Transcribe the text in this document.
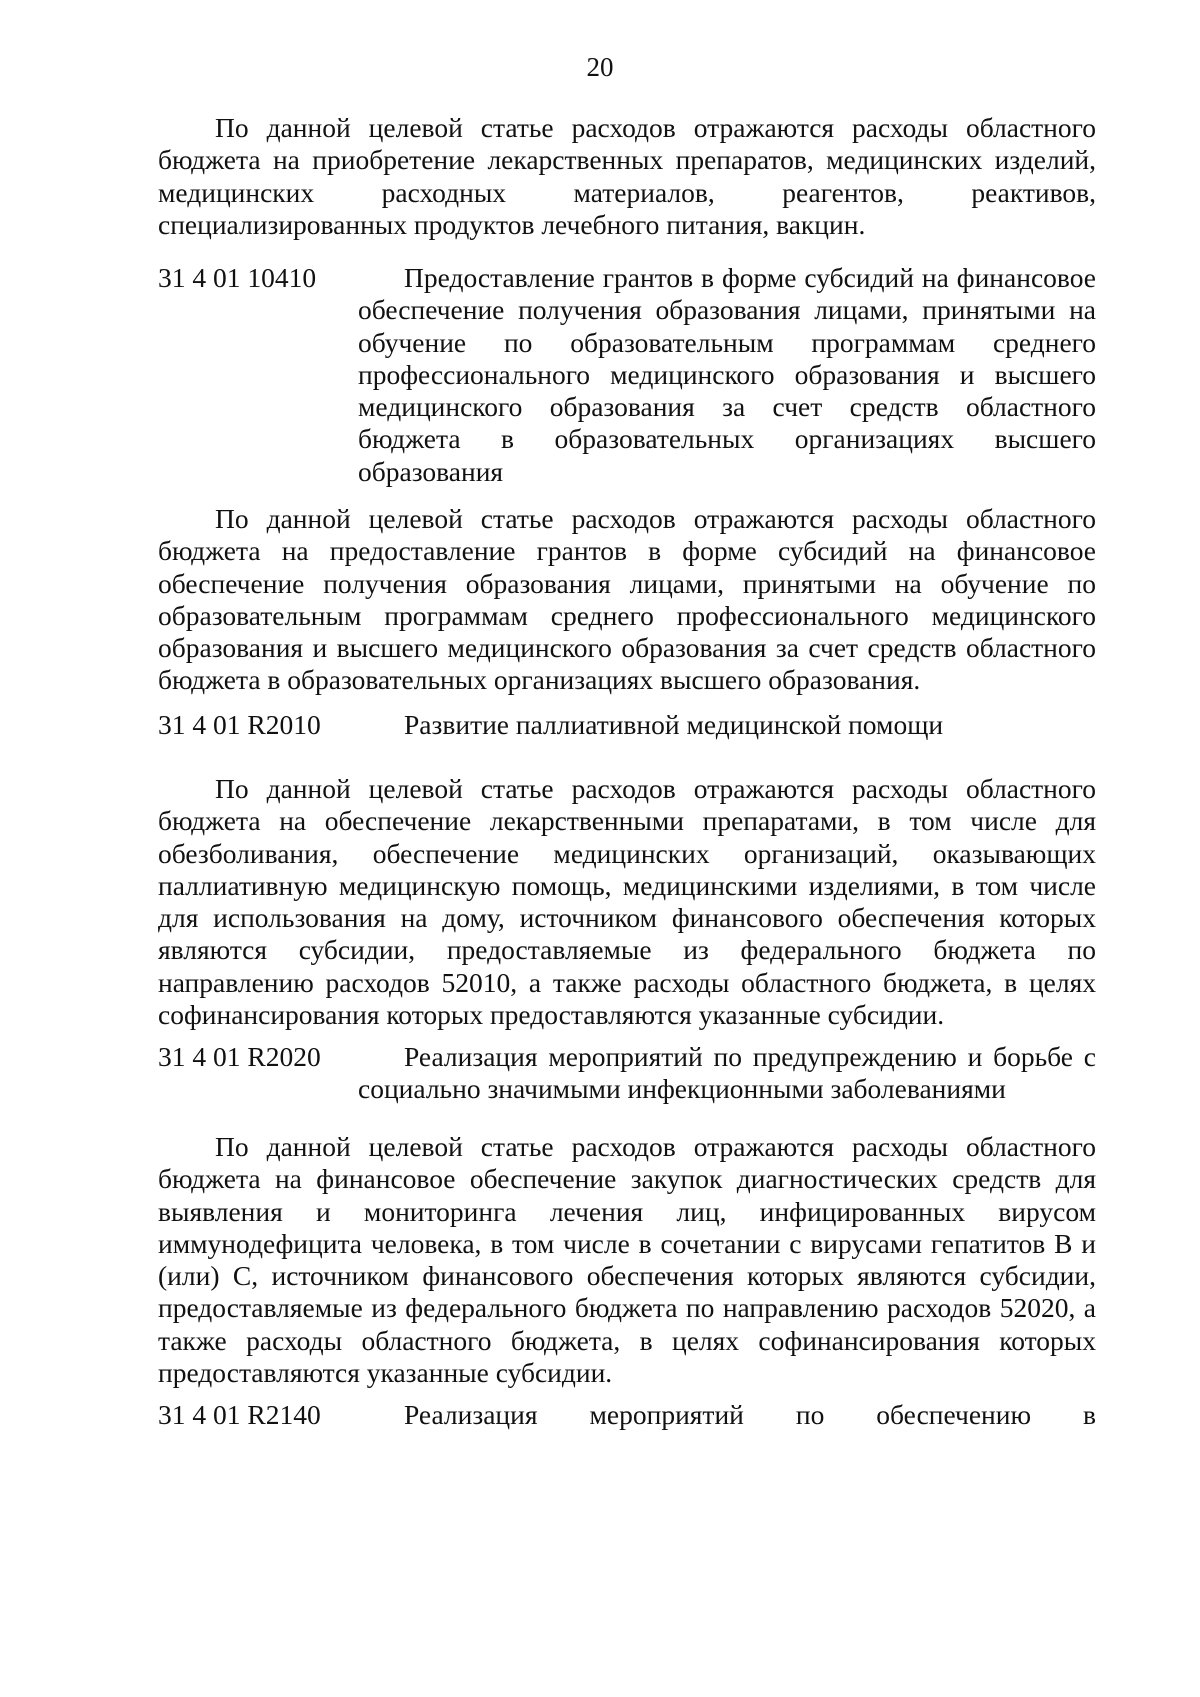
20

По данной целевой статье расходов отражаются расходы областного бюджета на приобретение лекарственных препаратов, медицинских изделий, медицинских расходных материалов, реагентов, реактивов, специализированных продуктов лечебного питания, вакцин.

31 4 01 10410	Предоставление грантов в форме субсидий на финансовое обеспечение получения образования лицами, принятыми на обучение по образовательным программам среднего профессионального медицинского образования и высшего медицинского образования за счет средств областного бюджета в образовательных организациях высшего образования

По данной целевой статье расходов отражаются расходы областного бюджета на предоставление грантов в форме субсидий на финансовое обеспечение получения образования лицами, принятыми на обучение по образовательным программам среднего профессионального медицинского образования и высшего медицинского образования за счет средств областного бюджета в образовательных организациях высшего образования.

31 4 01 R2010	Развитие паллиативной медицинской помощи

По данной целевой статье расходов отражаются расходы областного бюджета на обеспечение лекарственными препаратами, в том числе для обезболивания, обеспечение медицинских организаций, оказывающих паллиативную медицинскую помощь, медицинскими изделиями, в том числе для использования на дому, источником финансового обеспечения которых являются субсидии, предоставляемые из федерального бюджета по направлению расходов 52010, а также расходы областного бюджета, в целях софинансирования которых предоставляются указанные субсидии.

31 4 01 R2020	Реализация мероприятий по предупреждению и борьбе с социально значимыми инфекционными заболеваниями

По данной целевой статье расходов отражаются расходы областного бюджета на финансовое обеспечение закупок диагностических средств для выявления и мониторинга лечения лиц, инфицированных вирусом иммунодефицита человека, в том числе в сочетании с вирусами гепатитов B и (или) C, источником финансового обеспечения которых являются субсидии, предоставляемые из федерального бюджета по направлению расходов 52020, а также расходы областного бюджета, в целях софинансирования которых предоставляются указанные субсидии.

31 4 01 R2140	Реализация мероприятий по обеспечению в
